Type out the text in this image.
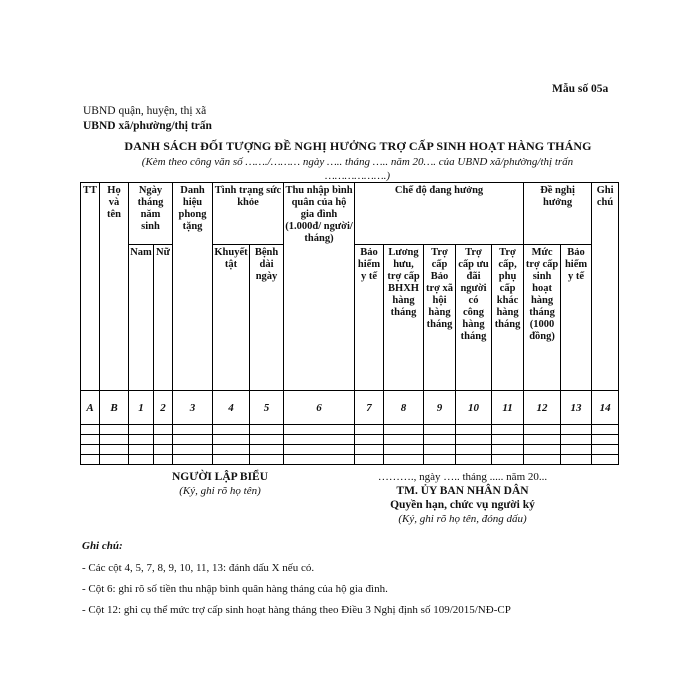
Mẫu số 05a
UBND quận, huyện, thị xã
UBND xã/phường/thị trấn
DANH SÁCH ĐỐI TƯỢNG ĐỀ NGHỊ HƯỞNG TRỢ CẤP SINH HOẠT HÀNG THÁNG
(Kèm theo công văn số ……./……… ngày ….. tháng ….. năm 20…. của UBND xã/phường/thị trấn
……………….)
TT	Họ và tên	Ngày tháng năm sinh		Danh hiệu phong tặng	Tình trạng sức khỏe		Thu nhập bình quân của hộ gia đình (1.000đ/ người/ tháng)	Chế độ đang hưởng					Đề nghị hưởng		Ghi chú
		Nam	Nữ		Khuyết tật	Bệnh dài ngày		Bảo hiểm y tế	Lương hưu, trợ cấp BHXH hàng tháng	Trợ cấp Bảo trợ xã hội hàng tháng	Trợ cấp ưu đãi người có công hàng tháng	Trợ cấp, phụ cấp khác hàng tháng	Mức trợ cấp sinh hoạt hàng tháng (1000 đồng)	Bảo hiểm y tế	
A	B	1	2	3	4	5	6	7	8	9	10	11	12	13	14

NGƯỜI LẬP BIỂU
(Ký, ghi rõ họ tên)
………., ngày ….. tháng ..... năm 20...
TM. ỦY BAN NHÂN DÂN
Quyền hạn, chức vụ người ký
(Ký, ghi rõ họ tên, đóng dấu)
Ghi chú:
- Các cột 4, 5, 7, 8, 9, 10, 11, 13: đánh dấu X nếu có.
- Cột 6: ghi rõ số tiền thu nhập bình quân hàng tháng của hộ gia đình.
- Cột 12: ghi cụ thể mức trợ cấp sinh hoạt hàng tháng theo Điều 3 Nghị định số 109/2015/NĐ-CP
